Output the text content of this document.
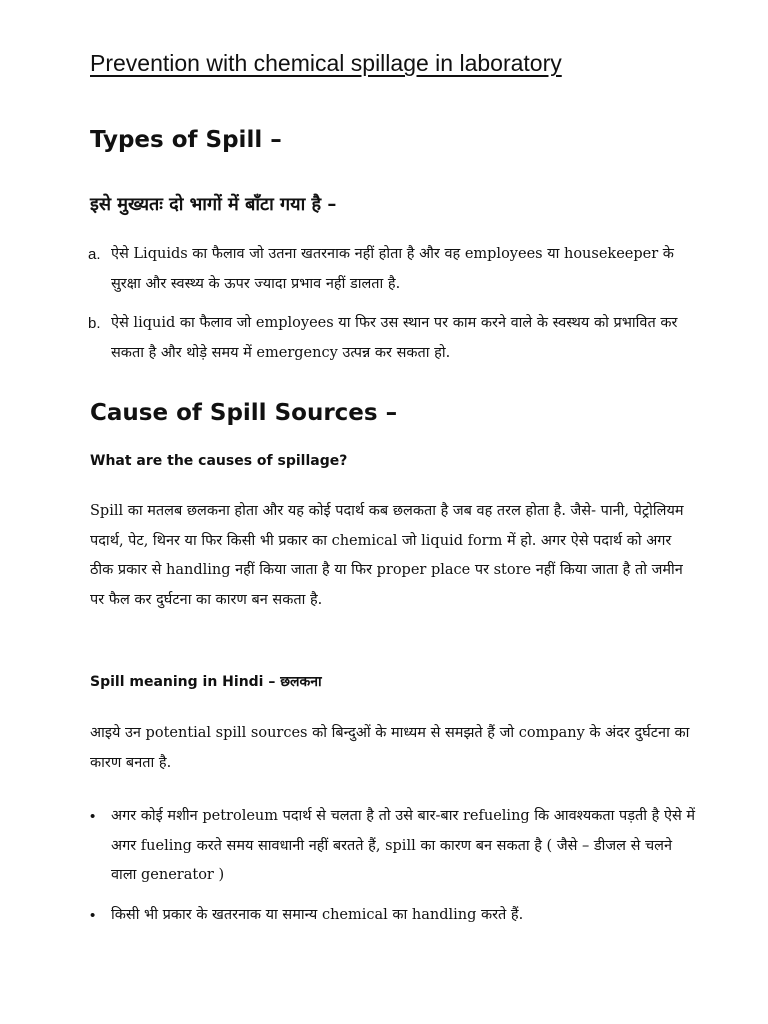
Prevention with chemical spillage in laboratory
Types of Spill –
इसे मुख्यतः दो भागों में बाँटा गया है –
a. ऐसे Liquids का फैलाव जो उतना खतरनाक नहीं होता है और वह employees या housekeeper के सुरक्षा और स्वस्थ्य के ऊपर ज्यादा प्रभाव नहीं डालता है.
b. ऐसे liquid का फैलाव जो employees या फिर उस स्थान पर काम करने वाले के स्वस्थय को प्रभावित कर सकता है और थोड़े समय में emergency उत्पन्न कर सकता हो.
Cause of Spill Sources –
What are the causes of spillage?
Spill का मतलब छलकना होता और यह कोई पदार्थ कब छलकता है जब वह तरल होता है. जैसे- पानी, पेट्रोलियम पदार्थ, पेट, थिनर या फिर किसी भी प्रकार का chemical जो liquid form में हो. अगर ऐसे पदार्थ को अगर ठीक प्रकार से handling नहीं किया जाता है या फिर proper place पर store नहीं किया जाता है तो जमीन पर फैल कर दुर्घटना का कारण बन सकता है.
Spill meaning in Hindi – छलकना
आइये उन potential spill sources को बिन्दुओं के माध्यम से समझते हैं जो company के अंदर दुर्घटना का कारण बनता है.
• अगर कोई मशीन petroleum पदार्थ से चलता है तो उसे बार-बार refueling कि आवश्यकता पड़ती है ऐसे में अगर fueling करते समय सावधानी नहीं बरतते हैं, spill का कारण बन सकता है ( जैसे – डीजल से चलने वाला generator )
• किसी भी प्रकार के खतरनाक या समान्य chemical का handling करते हैं.
